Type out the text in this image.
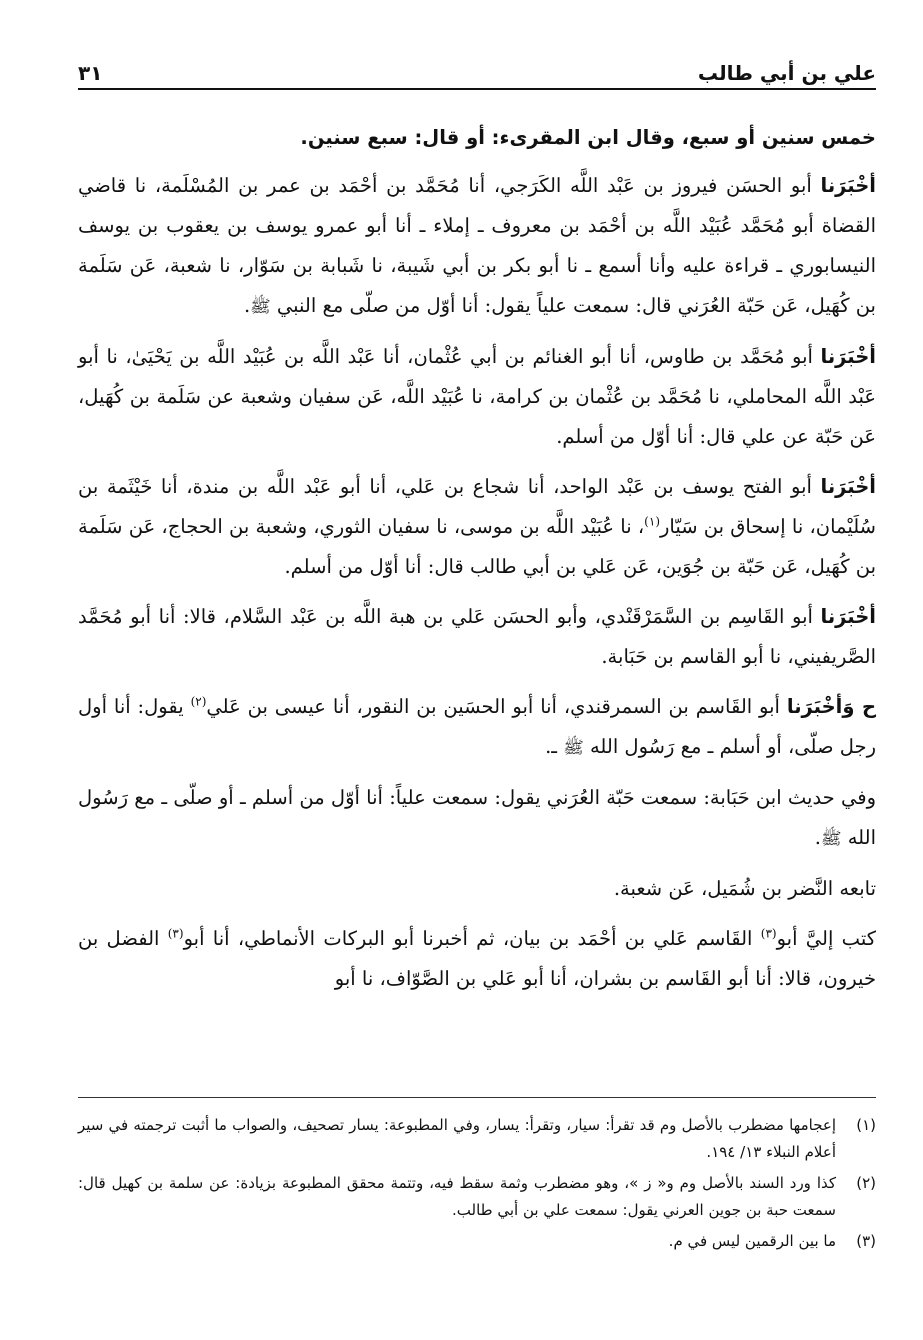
علي بن أبي طالب
٣١

خمس سنين أو سبع، وقال ابن المقرىء: أو قال: سبع سنين.

أخْبَرَنا أبو الحسَن فيروز بن عَبْد اللَّه الكَرَجي، أنا مُحَمَّد بن أحْمَد بن عمر بن المُسْلَمة، نا قاضي القضاة أبو مُحَمَّد عُبَيْد اللَّه بن أحْمَد بن معروف ـ إملاء ـ أنا أبو عمرو يوسف بن يعقوب بن يوسف النيسابوري ـ قراءة عليه وأنا أسمع ـ نا أبو بكر بن أبي شَيبة، نا شَبابة بن سَوّار، نا شعبة، عَن سَلَمة بن كُهَيل، عَن حَبّة العُرَني قال: سمعت علياً يقول: أنا أوّل من صلّى مع النبي ﷺ.

أخْبَرَنا أبو مُحَمَّد بن طاوس، أنا أبو الغنائم بن أبي عُثْمان، أنا عَبْد اللَّه بن عُبَيْد اللَّه بن يَحْيَىٰ، نا أبو عَبْد اللَّه المحاملي، نا مُحَمَّد بن عُثْمان بن كرامة، نا عُبَيْد اللَّه، عَن سفيان وشعبة عن سَلَمة بن كُهَيل، عَن حَبّة عن علي قال: أنا أوّل من أسلم.

أخْبَرَنا أبو الفتح يوسف بن عَبْد الواحد، أنا شجاع بن عَلي، أنا أبو عَبْد اللَّه بن مندة، أنا خَيْثَمة بن سُلَيْمان، نا إسحاق بن سَيّار$^{(١)}$، نا عُبَيْد اللَّه بن موسى، نا سفيان الثوري، وشعبة بن الحجاج، عَن سَلَمة بن كُهَيل، عَن حَبّة بن جُوَين، عَن عَلي بن أبي طالب قال: أنا أوّل من أسلم.

أخْبَرَنا أبو القَاسِم بن السَّمَرْقَنْدي، وأبو الحسَن عَلي بن هبة اللَّه بن عَبْد السَّلام، قالا: أنا أبو مُحَمَّد الصَّريفيني، نا أبو القاسم بن حَبَابة.

ح وَأخْبَرَنا أبو القَاسم بن السمرقندي، أنا أبو الحسَين بن النقور، أنا عيسى بن عَلي$^{(٢)}$ يقول: أنا أول رجل صلّى، أو أسلم ـ مع رَسُول الله ﷺ ـ.

وفي حديث ابن حَبَابة: سمعت حَبّة العُرَني يقول: سمعت علياً: أنا أوّل من أسلم ـ أو صلّى ـ مع رَسُول الله ﷺ.

تابعه النَّضر بن شُمَيل، عَن شعبة.

كتب إليَّ أبو$^{(٣)}$ القَاسم عَلي بن أحْمَد بن بيان، ثم أخبرنا أبو البركات الأنماطي، أنا أبو$^{(٣)}$ الفضل بن خيرون، قالا: أنا أبو القَاسم بن بشران، أنا أبو عَلي بن الصَّوّاف، نا أبو

(١)
إعجامها مضطرب بالأصل وم قد تقرأ: سيار، وتقرأ: يسار، وفي المطبوعة: يسار تصحيف، والصواب ما أثبت ترجمته في سير أعلام النبلاء ١٣/ ١٩٤.
(٢)
كذا ورد السند بالأصل وم و« ز »، وهو مضطرب وثمة سقط فيه، وتتمة محقق المطبوعة بزيادة: عن سلمة بن كهيل قال: سمعت حبة بن جوين العرني يقول: سمعت علي بن أبي طالب.
(٣)
ما بين الرقمين ليس في م.
